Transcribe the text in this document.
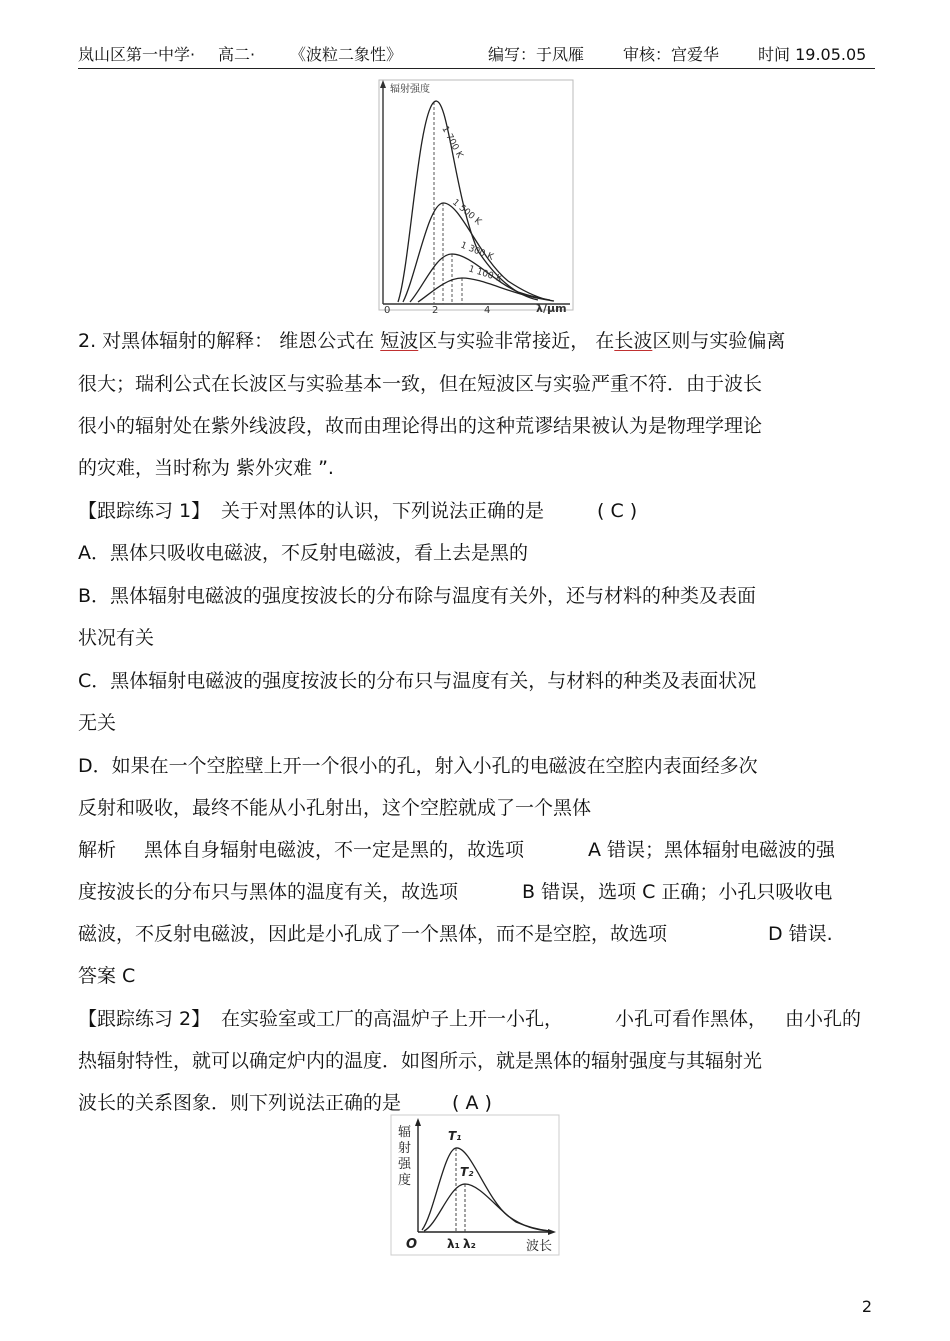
岚山区第一中学· 高二· 《波粒二象性》	编写：于凤雁 审核：宫爱华 时间 19.05.05
辐射强度
0	2	4	λ/μm
1 700 K
1 500 K
1 300 K
1 100 K
2. 对黑体辐射的解释： 维恩公式在 短波区与实验非常接近， 在长波区则与实验偏离
很大；瑞利公式在长波区与实验基本一致，但在短波区与实验严重不符．由于波长
很小的辐射处在紫外线波段，故而由理论得出的这种荒谬结果被认为是物理学理论
的灾难，当时称为 紫外灾难 ”.
【跟踪练习 1】 关于对黑体的认识，下列说法正确的是	( C )
A．黑体只吸收电磁波，不反射电磁波，看上去是黑的
B．黑体辐射电磁波的强度按波长的分布除与温度有关外，还与材料的种类及表面
状况有关
C．黑体辐射电磁波的强度按波长的分布只与温度有关，与材料的种类及表面状况
无关
D．如果在一个空腔壁上开一个很小的孔，射入小孔的电磁波在空腔内表面经多次
反射和吸收，最终不能从小孔射出，这个空腔就成了一个黑体
解析 黑体自身辐射电磁波，不一定是黑的，故选项	A 错误；黑体辐射电磁波的强
度按波长的分布只与黑体的温度有关，故选项	B 错误，选项 C 正确；小孔只吸收电
磁波，不反射电磁波，因此是小孔成了一个黑体，而不是空腔，故选项	D 错误.
答案 C
【跟踪练习 2】 在实验室或工厂的高温炉子上开一小孔，	小孔可看作黑体， 由小孔的
热辐射特性，就可以确定炉内的温度．如图所示，就是黑体的辐射强度与其辐射光
波长的关系图象．则下列说法正确的是	( A )
辐
射
强
度
O
T₁
T₂
λ₁ λ₂	波长
2
